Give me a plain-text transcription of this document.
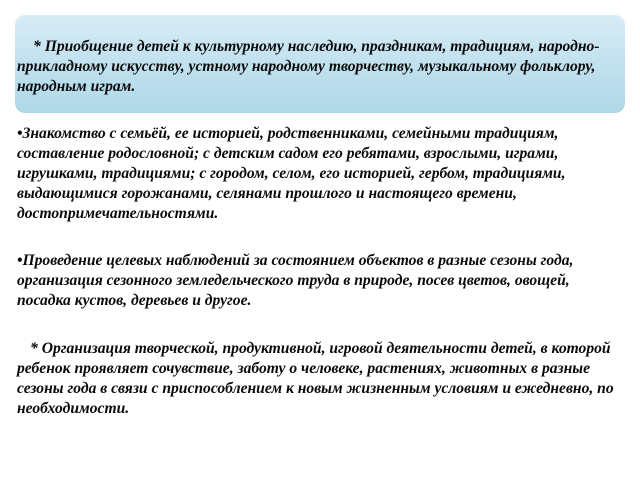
* Приобщение детей к культурному наследию, праздникам, традициям, народно-прикладному искусству, устному народному творчеству, музыкальному фольклору, народным играм.

•Знакомство с семьёй, ее историей, родственниками, семейными традициям, составление родословной; с детским садом его ребятами, взрослыми, играми, игрушками, традициями; с городом, селом, его историей, гербом, традициями, выдающимися горожанами, селянами прошлого и настоящего времени, достопримечательностями.

•Проведение целевых наблюдений за состоянием объектов в разные сезоны года, организация сезонного земледельческого труда в природе, посев цветов, овощей, посадка кустов, деревьев и другое.

* Организация творческой, продуктивной, игровой деятельности детей, в которой ребенок проявляет сочувствие, заботу о человеке, растениях, животных в разные сезоны года в связи с приспособлением к новым жизненным условиям и ежедневно, по необходимости.
